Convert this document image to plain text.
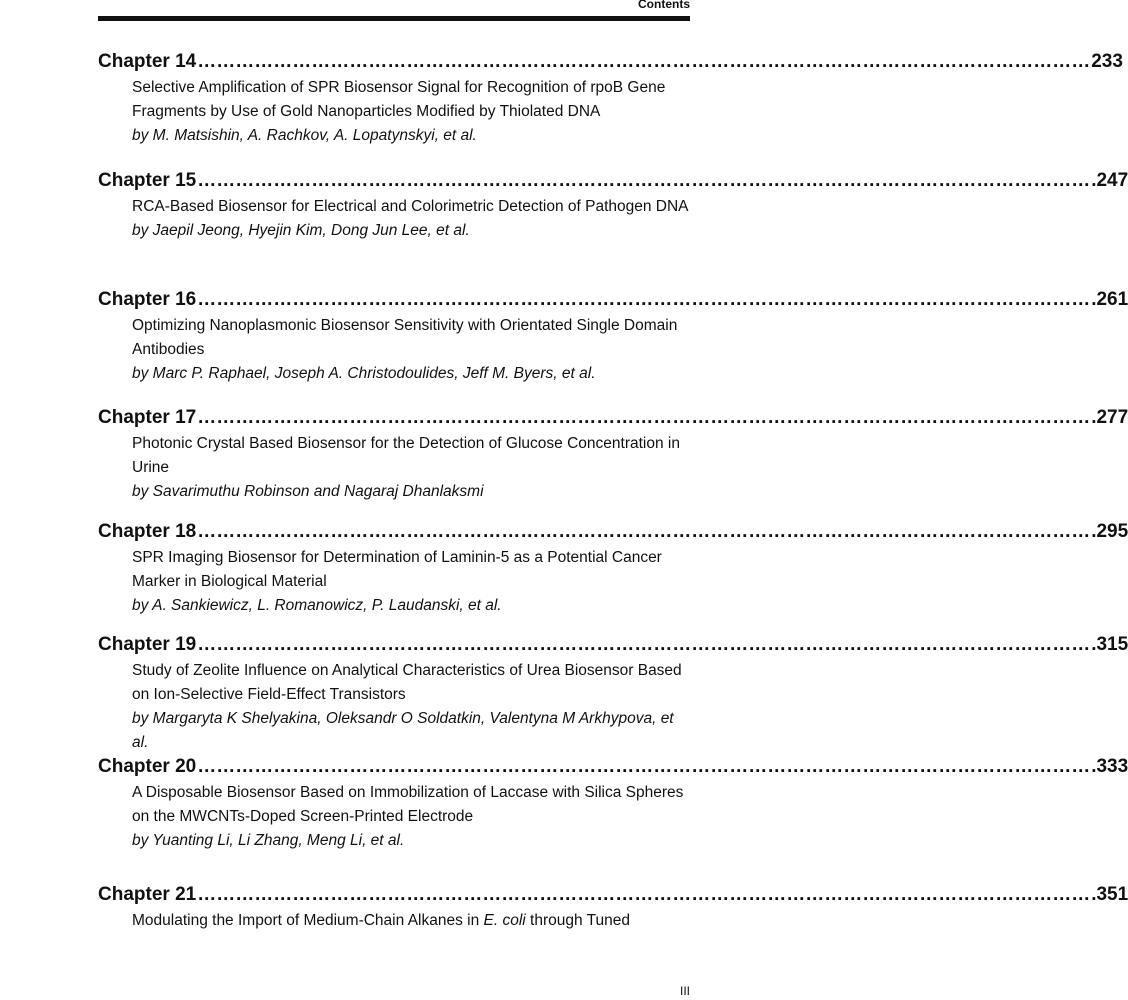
Contents
Chapter 14 …………………………………………………………………………………………………………………………… 233
Selective Amplification of SPR Biosensor Signal for Recognition of rpoB Gene Fragments by Use of Gold Nanoparticles Modified by Thiolated DNA
by M. Matsishin, A. Rachkov, A. Lopatynskyi, et al.
Chapter 15 …………………………………………………………………………………………………………………………… .247
RCA-Based Biosensor for Electrical and Colorimetric Detection of Pathogen DNA
by Jaepil Jeong, Hyejin Kim, Dong Jun Lee, et al.
Chapter 16 …………………………………………………………………………………………………………………………… .261
Optimizing Nanoplasmonic Biosensor Sensitivity with Orientated Single Domain Antibodies
by Marc P. Raphael, Joseph A. Christodoulides, Jeff M. Byers, et al.
Chapter 17 …………………………………………………………………………………………………………………………… .277
Photonic Crystal Based Biosensor for the Detection of Glucose Concentration in Urine
by Savarimuthu Robinson and Nagaraj Dhanlaksmi
Chapter 18 …………………………………………………………………………………………………………………………… .295
SPR Imaging Biosensor for Determination of Laminin-5 as a Potential Cancer Marker in Biological Material
by A. Sankiewicz, L. Romanowicz, P. Laudanski, et al.
Chapter 19 …………………………………………………………………………………………………………………………… .315
Study of Zeolite Influence on Analytical Characteristics of Urea Biosensor Based on Ion-Selective Field-Effect Transistors
by Margaryta K Shelyakina, Oleksandr O Soldatkin, Valentyna M Arkhypova, et al.
Chapter 20 …………………………………………………………………………………………………………………………… .333
A Disposable Biosensor Based on Immobilization of Laccase with Silica Spheres on the MWCNTs-Doped Screen-Printed Electrode
by Yuanting Li, Li Zhang, Meng Li, et al.
Chapter 21 …………………………………………………………………………………………………………………………… .351
Modulating the Import of Medium-Chain Alkanes in E. coli through Tuned
III
